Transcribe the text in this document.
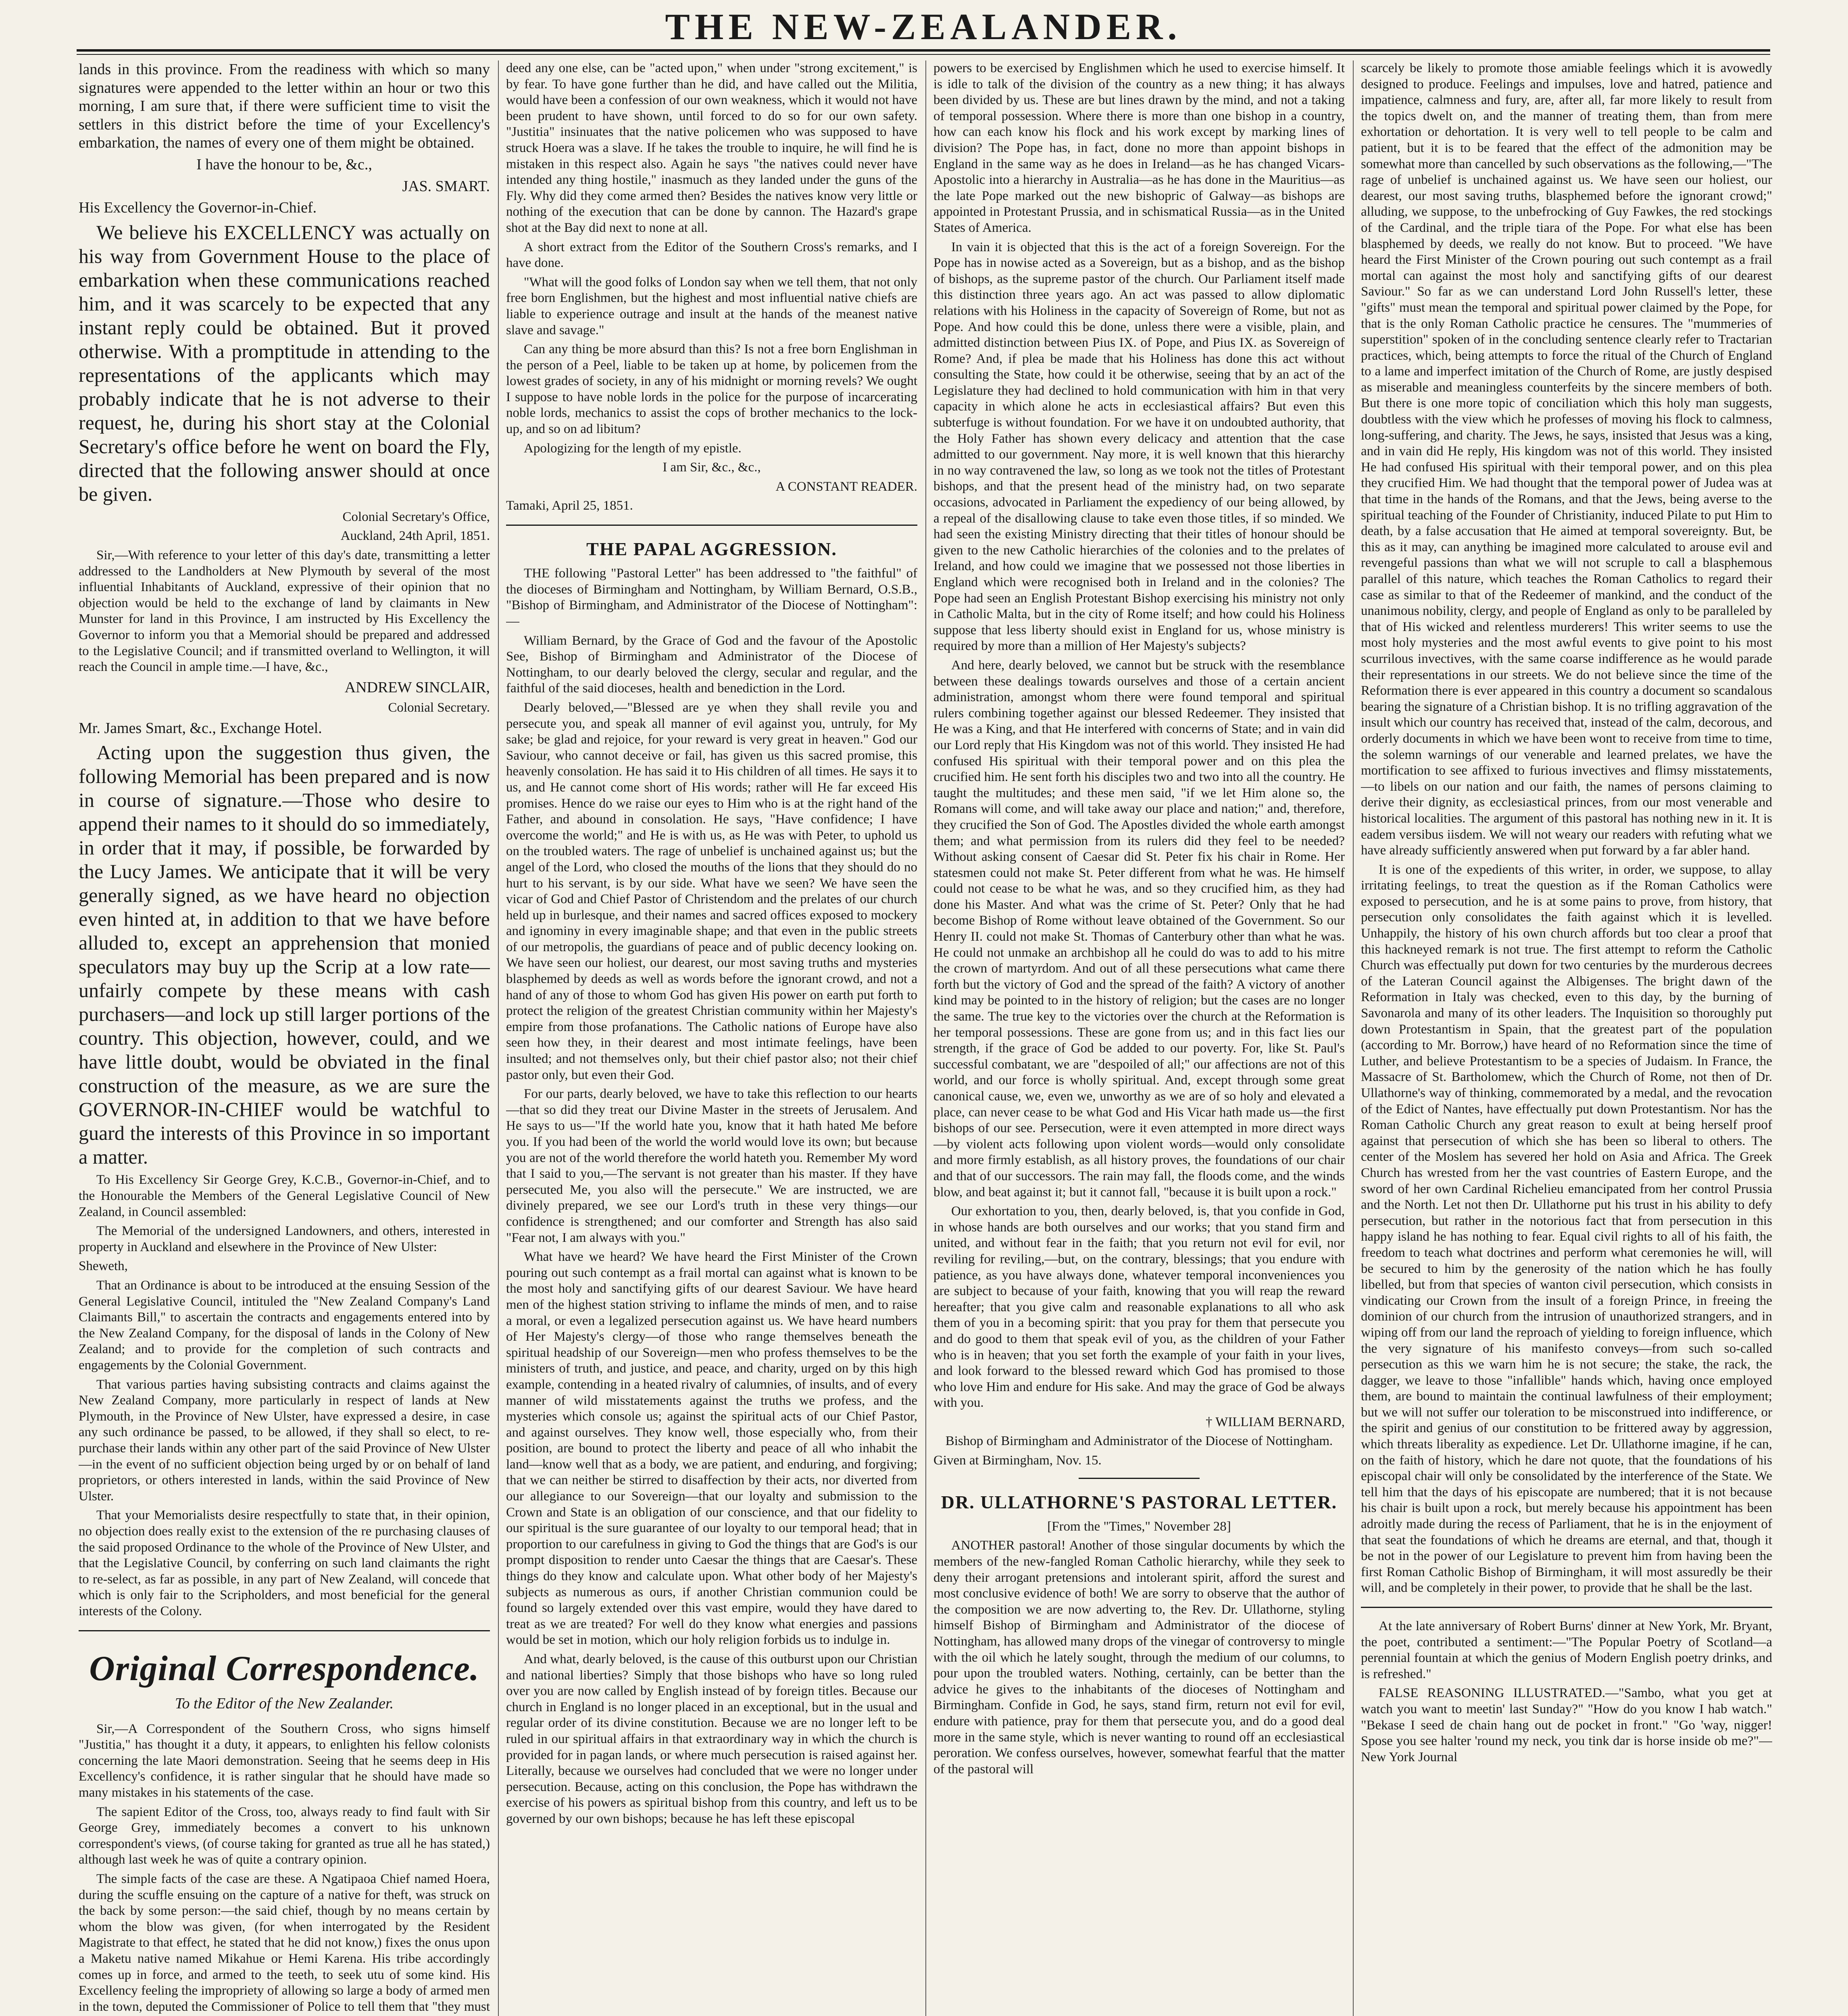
THE NEW-ZEALANDER.

lands in this province. From the readiness with which so many signatures were appended to the letter within an hour or two this morning, I am sure that, if there were sufficient time to visit the settlers in this district before the time of your Excellency's embarkation, the names of every one of them might be obtained.

I have the honour to be, &c.,

JAS. SMART.

His Excellency the Governor-in-Chief.

We believe his EXCELLENCY was actually on his way from Government House to the place of embarkation when these communications reached him, and it was scarcely to be expected that any instant reply could be obtained. But it proved otherwise. With a promptitude in attending to the representations of the applicants which may probably indicate that he is not adverse to their request, he, during his short stay at the Colonial Secretary's office before he went on board the Fly, directed that the following answer should at once be given.

Colonial Secretary's Office,

Auckland, 24th April, 1851.

Sir,—With reference to your letter of this day's date, transmitting a letter addressed to the Landholders at New Plymouth by several of the most influential Inhabitants of Auckland, expressive of their opinion that no objection would be held to the exchange of land by claimants in New Munster for land in this Province, I am instructed by His Excellency the Governor to inform you that a Memorial should be prepared and addressed to the Legislative Council; and if transmitted overland to Wellington, it will reach the Council in ample time.—I have, &c.,

ANDREW SINCLAIR,

Colonial Secretary.

Mr. James Smart, &c., Exchange Hotel.

Acting upon the suggestion thus given, the following Memorial has been prepared and is now in course of signature.—Those who desire to append their names to it should do so immediately, in order that it may, if possible, be forwarded by the Lucy James. We anticipate that it will be very generally signed, as we have heard no objection even hinted at, in addition to that we have before alluded to, except an apprehension that monied speculators may buy up the Scrip at a low rate—unfairly compete by these means with cash purchasers—and lock up still larger portions of the country. This objection, however, could, and we have little doubt, would be obviated in the final construction of the measure, as we are sure the GOVERNOR-IN-CHIEF would be watchful to guard the interests of this Province in so important a matter.

To His Excellency Sir George Grey, K.C.B., Governor-in-Chief, and to the Honourable the Members of the General Legislative Council of New Zealand, in Council assembled:

The Memorial of the undersigned Landowners, and others, interested in property in Auckland and elsewhere in the Province of New Ulster:

Sheweth,

That an Ordinance is about to be introduced at the ensuing Session of the General Legislative Council, intituled the "New Zealand Company's Land Claimants Bill," to ascertain the contracts and engagements entered into by the New Zealand Company, for the disposal of lands in the Colony of New Zealand; and to provide for the completion of such contracts and engagements by the Colonial Government.

That various parties having subsisting contracts and claims against the New Zealand Company, more particularly in respect of lands at New Plymouth, in the Province of New Ulster, have expressed a desire, in case any such ordinance be passed, to be allowed, if they shall so elect, to re-purchase their lands within any other part of the said Province of New Ulster—in the event of no sufficient objection being urged by or on behalf of land proprietors, or others interested in lands, within the said Province of New Ulster.

That your Memorialists desire respectfully to state that, in their opinion, no objection does really exist to the extension of the re purchasing clauses of the said proposed Ordinance to the whole of the Province of New Ulster, and that the Legislative Council, by conferring on such land claimants the right to re-select, as far as possible, in any part of New Zealand, will concede that which is only fair to the Scripholders, and most beneficial for the general interests of the Colony.

Original Correspondence.

To the Editor of the New Zealander.

Sir,—A Correspondent of the Southern Cross, who signs himself "Justitia," has thought it a duty, it appears, to enlighten his fellow colonists concerning the late Maori demonstration. Seeing that he seems deep in His Excellency's confidence, it is rather singular that he should have made so many mistakes in his statements of the case.

The sapient Editor of the Cross, too, always ready to find fault with Sir George Grey, immediately becomes a convert to his unknown correspondent's views, (of course taking for granted as true all he has stated,) although last week he was of quite a contrary opinion.

The simple facts of the case are these. A Ngatipaoa Chief named Hoera, during the scuffle ensuing on the capture of a native for theft, was struck on the back by some person:—the said chief, though by no means certain by whom the blow was given, (for when interrogated by the Resident Magistrate to that effect, he stated that he did not know,) fixes the onus upon a Maketu native named Mikahue or Hemi Karena. His tribe accordingly comes up in force, and armed to the teeth, to seek utu of some kind. His Excellency feeling the impropriety of allowing so large a body of armed men in the town, deputed the Commissioner of Police to tell them that "they must

deed any one else, can be "acted upon," when under "strong excitement," is by fear. To have gone further than he did, and have called out the Militia, would have been a confession of our own weakness, which it would not have been prudent to have shown, until forced to do so for our own safety. "Justitia" insinuates that the native policemen who was supposed to have struck Hoera was a slave. If he takes the trouble to inquire, he will find he is mistaken in this respect also. Again he says "the natives could never have intended any thing hostile," inasmuch as they landed under the guns of the Fly. Why did they come armed then? Besides the natives know very little or nothing of the execution that can be done by cannon. The Hazard's grape shot at the Bay did next to none at all.

A short extract from the Editor of the Southern Cross's remarks, and I have done.

"What will the good folks of London say when we tell them, that not only free born Englishmen, but the highest and most influential native chiefs are liable to experience outrage and insult at the hands of the meanest native slave and savage."

Can any thing be more absurd than this? Is not a free born Englishman in the person of a Peel, liable to be taken up at home, by policemen from the lowest grades of society, in any of his midnight or morning revels? We ought I suppose to have noble lords in the police for the purpose of incarcerating noble lords, mechanics to assist the cops of brother mechanics to the lock-up, and so on ad libitum?

Apologizing for the length of my epistle.

I am Sir, &c., &c.,

A CONSTANT READER.

Tamaki, April 25, 1851.

THE PAPAL AGGRESSION.

THE following "Pastoral Letter" has been addressed to "the faithful" of the dioceses of Birmingham and Nottingham, by William Bernard, O.S.B., "Bishop of Birmingham, and Administrator of the Diocese of Nottingham":—

William Bernard, by the Grace of God and the favour of the Apostolic See, Bishop of Birmingham and Administrator of the Diocese of Nottingham, to our dearly beloved the clergy, secular and regular, and the faithful of the said dioceses, health and benediction in the Lord.

Dearly beloved,—"Blessed are ye when they shall revile you and persecute you, and speak all manner of evil against you, untruly, for My sake; be glad and rejoice, for your reward is very great in heaven." God our Saviour, who cannot deceive or fail, has given us this sacred promise, this heavenly consolation. He has said it to His children of all times. He says it to us, and He cannot come short of His words; rather will He far exceed His promises. Hence do we raise our eyes to Him who is at the right hand of the Father, and abound in consolation. He says, "Have confidence; I have overcome the world;" and He is with us, as He was with Peter, to uphold us on the troubled waters. The rage of unbelief is unchained against us; but the angel of the Lord, who closed the mouths of the lions that they should do no hurt to his servant, is by our side. What have we seen? We have seen the vicar of God and Chief Pastor of Christendom and the prelates of our church held up in burlesque, and their names and sacred offices exposed to mockery and ignominy in every imaginable shape; and that even in the public streets of our metropolis, the guardians of peace and of public decency looking on. We have seen our holiest, our dearest, our most saving truths and mysteries blasphemed by deeds as well as words before the ignorant crowd, and not a hand of any of those to whom God has given His power on earth put forth to protect the religion of the greatest Christian community within her Majesty's empire from those profanations. The Catholic nations of Europe have also seen how they, in their dearest and most intimate feelings, have been insulted; and not themselves only, but their chief pastor also; not their chief pastor only, but even their God.

For our parts, dearly beloved, we have to take this reflection to our hearts—that so did they treat our Divine Master in the streets of Jerusalem. And He says to us—"If the world hate you, know that it hath hated Me before you. If you had been of the world the world would love its own; but because you are not of the world therefore the world hateth you. Remember My word that I said to you,—The servant is not greater than his master. If they have persecuted Me, you also will the persecute." We are instructed, we are divinely prepared, we see our Lord's truth in these very things—our confidence is strengthened; and our comforter and Strength has also said "Fear not, I am always with you."

What have we heard? We have heard the First Minister of the Crown pouring out such contempt as a frail mortal can against what is known to be the most holy and sanctifying gifts of our dearest Saviour. We have heard men of the highest station striving to inflame the minds of men, and to raise a moral, or even a legalized persecution against us. We have heard numbers of Her Majesty's clergy—of those who range themselves beneath the spiritual headship of our Sovereign—men who profess themselves to be the ministers of truth, and justice, and peace, and charity, urged on by this high example, contending in a heated rivalry of calumnies, of insults, and of every manner of wild misstatements against the truths we profess, and the mysteries which console us; against the spiritual acts of our Chief Pastor, and against ourselves. They know well, those especially who, from their position, are bound to protect the liberty and peace of all who inhabit the land—know well that as a body, we are patient, and enduring, and forgiving; that we can neither be stirred to disaffection by their acts, nor diverted from our allegiance to our Sovereign—that our loyalty and submission to the Crown and State is an obligation of our conscience, and that our fidelity to our spiritual is the sure guarantee of our loyalty to our temporal head; that in proportion to our carefulness in giving to God the things that are God's is our prompt disposition to render unto Caesar the things that are Caesar's. These things do they know and calculate upon. What other body of her Majesty's subjects as numerous as ours, if another Christian communion could be found so largely extended over this vast empire, would they have dared to treat as we are treated? For well do they know what energies and passions would be set in motion, which our holy religion forbids us to indulge in.

And what, dearly beloved, is the cause of this outburst upon our Christian and national liberties? Simply that those bishops who have so long ruled over you are now called by English instead of by foreign titles. Because our church in England is no longer placed in an exceptional, but in the usual and regular order of its divine constitution. Because we are no longer left to be ruled in our spiritual affairs in that extraordinary way in which the church is provided for in pagan lands, or where much persecution is raised against her. Literally, because we ourselves had concluded that we were no longer under persecution. Because, acting on this conclusion, the Pope has withdrawn the exercise of his powers as spiritual bishop from this country, and left us to be governed by our own bishops; because he has left these episcopal

powers to be exercised by Englishmen which he used to exercise himself. It is idle to talk of the division of the country as a new thing; it has always been divided by us. These are but lines drawn by the mind, and not a taking of temporal possession. Where there is more than one bishop in a country, how can each know his flock and his work except by marking lines of division? The Pope has, in fact, done no more than appoint bishops in England in the same way as he does in Ireland—as he has changed Vicars-Apostolic into a hierarchy in Australia—as he has done in the Mauritius—as the late Pope marked out the new bishopric of Galway—as bishops are appointed in Protestant Prussia, and in schismatical Russia—as in the United States of America.

In vain it is objected that this is the act of a foreign Sovereign. For the Pope has in nowise acted as a Sovereign, but as a bishop, and as the bishop of bishops, as the supreme pastor of the church. Our Parliament itself made this distinction three years ago. An act was passed to allow diplomatic relations with his Holiness in the capacity of Sovereign of Rome, but not as Pope. And how could this be done, unless there were a visible, plain, and admitted distinction between Pius IX. of Pope, and Pius IX. as Sovereign of Rome? And, if plea be made that his Holiness has done this act without consulting the State, how could it be otherwise, seeing that by an act of the Legislature they had declined to hold communication with him in that very capacity in which alone he acts in ecclesiastical affairs? But even this subterfuge is without foundation. For we have it on undoubted authority, that the Holy Father has shown every delicacy and attention that the case admitted to our government. Nay more, it is well known that this hierarchy in no way contravened the law, so long as we took not the titles of Protestant bishops, and that the present head of the ministry had, on two separate occasions, advocated in Parliament the expediency of our being allowed, by a repeal of the disallowing clause to take even those titles, if so minded. We had seen the existing Ministry directing that their titles of honour should be given to the new Catholic hierarchies of the colonies and to the prelates of Ireland, and how could we imagine that we possessed not those liberties in England which were recognised both in Ireland and in the colonies? The Pope had seen an English Protestant Bishop exercising his ministry not only in Catholic Malta, but in the city of Rome itself; and how could his Holiness suppose that less liberty should exist in England for us, whose ministry is required by more than a million of Her Majesty's subjects?

And here, dearly beloved, we cannot but be struck with the resemblance between these dealings towards ourselves and those of a certain ancient administration, amongst whom there were found temporal and spiritual rulers combining together against our blessed Redeemer. They insisted that He was a King, and that He interfered with concerns of State; and in vain did our Lord reply that His Kingdom was not of this world. They insisted He had confused His spiritual with their temporal power and on this plea the crucified him. He sent forth his disciples two and two into all the country. He taught the multitudes; and these men said, "if we let Him alone so, the Romans will come, and will take away our place and nation;" and, therefore, they crucified the Son of God. The Apostles divided the whole earth amongst them; and what permission from its rulers did they feel to be needed? Without asking consent of Caesar did St. Peter fix his chair in Rome. Her statesmen could not make St. Peter different from what he was. He himself could not cease to be what he was, and so they crucified him, as they had done his Master. And what was the crime of St. Peter? Only that he had become Bishop of Rome without leave obtained of the Government. So our Henry II. could not make St. Thomas of Canterbury other than what he was. He could not unmake an archbishop all he could do was to add to his mitre the crown of martyrdom. And out of all these persecutions what came there forth but the victory of God and the spread of the faith? A victory of another kind may be pointed to in the history of religion; but the cases are no longer the same. The true key to the victories over the church at the Reformation is her temporal possessions. These are gone from us; and in this fact lies our strength, if the grace of God be added to our poverty. For, like St. Paul's successful combatant, we are "despoiled of all;" our affections are not of this world, and our force is wholly spiritual. And, except through some great canonical cause, we, even we, unworthy as we are of so holy and elevated a place, can never cease to be what God and His Vicar hath made us—the first bishops of our see. Persecution, were it even attempted in more direct ways—by violent acts following upon violent words—would only consolidate and more firmly establish, as all history proves, the foundations of our chair and that of our successors. The rain may fall, the floods come, and the winds blow, and beat against it; but it cannot fall, "because it is built upon a rock."

Our exhortation to you, then, dearly beloved, is, that you confide in God, in whose hands are both ourselves and our works; that you stand firm and united, and without fear in the faith; that you return not evil for evil, nor reviling for reviling,—but, on the contrary, blessings; that you endure with patience, as you have always done, whatever temporal inconveniences you are subject to because of your faith, knowing that you will reap the reward hereafter; that you give calm and reasonable explanations to all who ask them of you in a becoming spirit: that you pray for them that persecute you and do good to them that speak evil of you, as the children of your Father who is in heaven; that you set forth the example of your faith in your lives, and look forward to the blessed reward which God has promised to those who love Him and endure for His sake. And may the grace of God be always with you.

† WILLIAM BERNARD,

Bishop of Birmingham and Administrator of the Diocese of Nottingham.

Given at Birmingham, Nov. 15.

DR. ULLATHORNE'S PASTORAL LETTER.

[From the "Times," November 28]

ANOTHER pastoral! Another of those singular documents by which the members of the new-fangled Roman Catholic hierarchy, while they seek to deny their arrogant pretensions and intolerant spirit, afford the surest and most conclusive evidence of both! We are sorry to observe that the author of the composition we are now adverting to, the Rev. Dr. Ullathorne, styling himself Bishop of Birmingham and Administrator of the diocese of Nottingham, has allowed many drops of the vinegar of controversy to mingle with the oil which he lately sought, through the medium of our columns, to pour upon the troubled waters. Nothing, certainly, can be better than the advice he gives to the inhabitants of the dioceses of Nottingham and Birmingham. Confide in God, he says, stand firm, return not evil for evil, endure with patience, pray for them that persecute you, and do a good deal more in the same style, which is never wanting to round off an ecclesiastical peroration. We confess ourselves, however, somewhat fearful that the matter of the pastoral will

scarcely be likely to promote those amiable feelings which it is avowedly designed to produce. Feelings and impulses, love and hatred, patience and impatience, calmness and fury, are, after all, far more likely to result from the topics dwelt on, and the manner of treating them, than from mere exhortation or dehortation. It is very well to tell people to be calm and patient, but it is to be feared that the effect of the admonition may be somewhat more than cancelled by such observations as the following,—"The rage of unbelief is unchained against us. We have seen our holiest, our dearest, our most saving truths, blasphemed before the ignorant crowd;" alluding, we suppose, to the unbefrocking of Guy Fawkes, the red stockings of the Cardinal, and the triple tiara of the Pope. For what else has been blasphemed by deeds, we really do not know. But to proceed. "We have heard the First Minister of the Crown pouring out such contempt as a frail mortal can against the most holy and sanctifying gifts of our dearest Saviour." So far as we can understand Lord John Russell's letter, these "gifts" must mean the temporal and spiritual power claimed by the Pope, for that is the only Roman Catholic practice he censures. The "mummeries of superstition" spoken of in the concluding sentence clearly refer to Tractarian practices, which, being attempts to force the ritual of the Church of England to a lame and imperfect imitation of the Church of Rome, are justly despised as miserable and meaningless counterfeits by the sincere members of both. But there is one more topic of conciliation which this holy man suggests, doubtless with the view which he professes of moving his flock to calmness, long-suffering, and charity. The Jews, he says, insisted that Jesus was a king, and in vain did He reply, His kingdom was not of this world. They insisted He had confused His spiritual with their temporal power, and on this plea they crucified Him. We had thought that the temporal power of Judea was at that time in the hands of the Romans, and that the Jews, being averse to the spiritual teaching of the Founder of Christianity, induced Pilate to put Him to death, by a false accusation that He aimed at temporal sovereignty. But, be this as it may, can anything be imagined more calculated to arouse evil and revengeful passions than what we will not scruple to call a blasphemous parallel of this nature, which teaches the Roman Catholics to regard their case as similar to that of the Redeemer of mankind, and the conduct of the unanimous nobility, clergy, and people of England as only to be paralleled by that of His wicked and relentless murderers! This writer seems to use the most holy mysteries and the most awful events to give point to his most scurrilous invectives, with the same coarse indifference as he would parade their representations in our streets. We do not believe since the time of the Reformation there is ever appeared in this country a document so scandalous bearing the signature of a Christian bishop. It is no trifling aggravation of the insult which our country has received that, instead of the calm, decorous, and orderly documents in which we have been wont to receive from time to time, the solemn warnings of our venerable and learned prelates, we have the mortification to see affixed to furious invectives and flimsy misstatements, —to libels on our nation and our faith, the names of persons claiming to derive their dignity, as ecclesiastical princes, from our most venerable and historical localities. The argument of this pastoral has nothing new in it. It is eadem versibus iisdem. We will not weary our readers with refuting what we have already sufficiently answered when put forward by a far abler hand.

It is one of the expedients of this writer, in order, we suppose, to allay irritating feelings, to treat the question as if the Roman Catholics were exposed to persecution, and he is at some pains to prove, from history, that persecution only consolidates the faith against which it is levelled. Unhappily, the history of his own church affords but too clear a proof that this hackneyed remark is not true. The first attempt to reform the Catholic Church was effectually put down for two centuries by the murderous decrees of the Lateran Council against the Albigenses. The bright dawn of the Reformation in Italy was checked, even to this day, by the burning of Savonarola and many of its other leaders. The Inquisition so thoroughly put down Protestantism in Spain, that the greatest part of the population (according to Mr. Borrow,) have heard of no Reformation since the time of Luther, and believe Protestantism to be a species of Judaism. In France, the Massacre of St. Bartholomew, which the Church of Rome, not then of Dr. Ullathorne's way of thinking, commemorated by a medal, and the revocation of the Edict of Nantes, have effectually put down Protestantism. Nor has the Roman Catholic Church any great reason to exult at being herself proof against that persecution of which she has been so liberal to others. The center of the Moslem has severed her hold on Asia and Africa. The Greek Church has wrested from her the vast countries of Eastern Europe, and the sword of her own Cardinal Richelieu emancipated from her control Prussia and the North. Let not then Dr. Ullathorne put his trust in his ability to defy persecution, but rather in the notorious fact that from persecution in this happy island he has nothing to fear. Equal civil rights to all of his faith, the freedom to teach what doctrines and perform what ceremonies he will, will be secured to him by the generosity of the nation which he has foully libelled, but from that species of wanton civil persecution, which consists in vindicating our Crown from the insult of a foreign Prince, in freeing the dominion of our church from the intrusion of unauthorized strangers, and in wiping off from our land the reproach of yielding to foreign influence, which the very signature of his manifesto conveys—from such so-called persecution as this we warn him he is not secure; the stake, the rack, the dagger, we leave to those "infallible" hands which, having once employed them, are bound to maintain the continual lawfulness of their employment; but we will not suffer our toleration to be misconstrued into indifference, or the spirit and genius of our constitution to be frittered away by aggression, which threats liberality as expedience. Let Dr. Ullathorne imagine, if he can, on the faith of history, which he dare not quote, that the foundations of his episcopal chair will only be consolidated by the interference of the State. We tell him that the days of his episcopate are numbered; that it is not because his chair is built upon a rock, but merely because his appointment has been adroitly made during the recess of Parliament, that he is in the enjoyment of that seat the foundations of which he dreams are eternal, and that, though it be not in the power of our Legislature to prevent him from having been the first Roman Catholic Bishop of Birmingham, it will most assuredly be their will, and be completely in their power, to provide that he shall be the last.

At the late anniversary of Robert Burns' dinner at New York, Mr. Bryant, the poet, contributed a sentiment:—"The Popular Poetry of Scotland—a perennial fountain at which the genius of Modern English poetry drinks, and is refreshed."

FALSE REASONING ILLUSTRATED.—"Sambo, what you get at watch you want to meetin' last Sunday?" "How do you know I hab watch." "Bekase I seed de chain hang out de pocket in front." "Go 'way, nigger! Spose you see halter 'round my neck, you tink dar is horse inside ob me?"—New York Journal
